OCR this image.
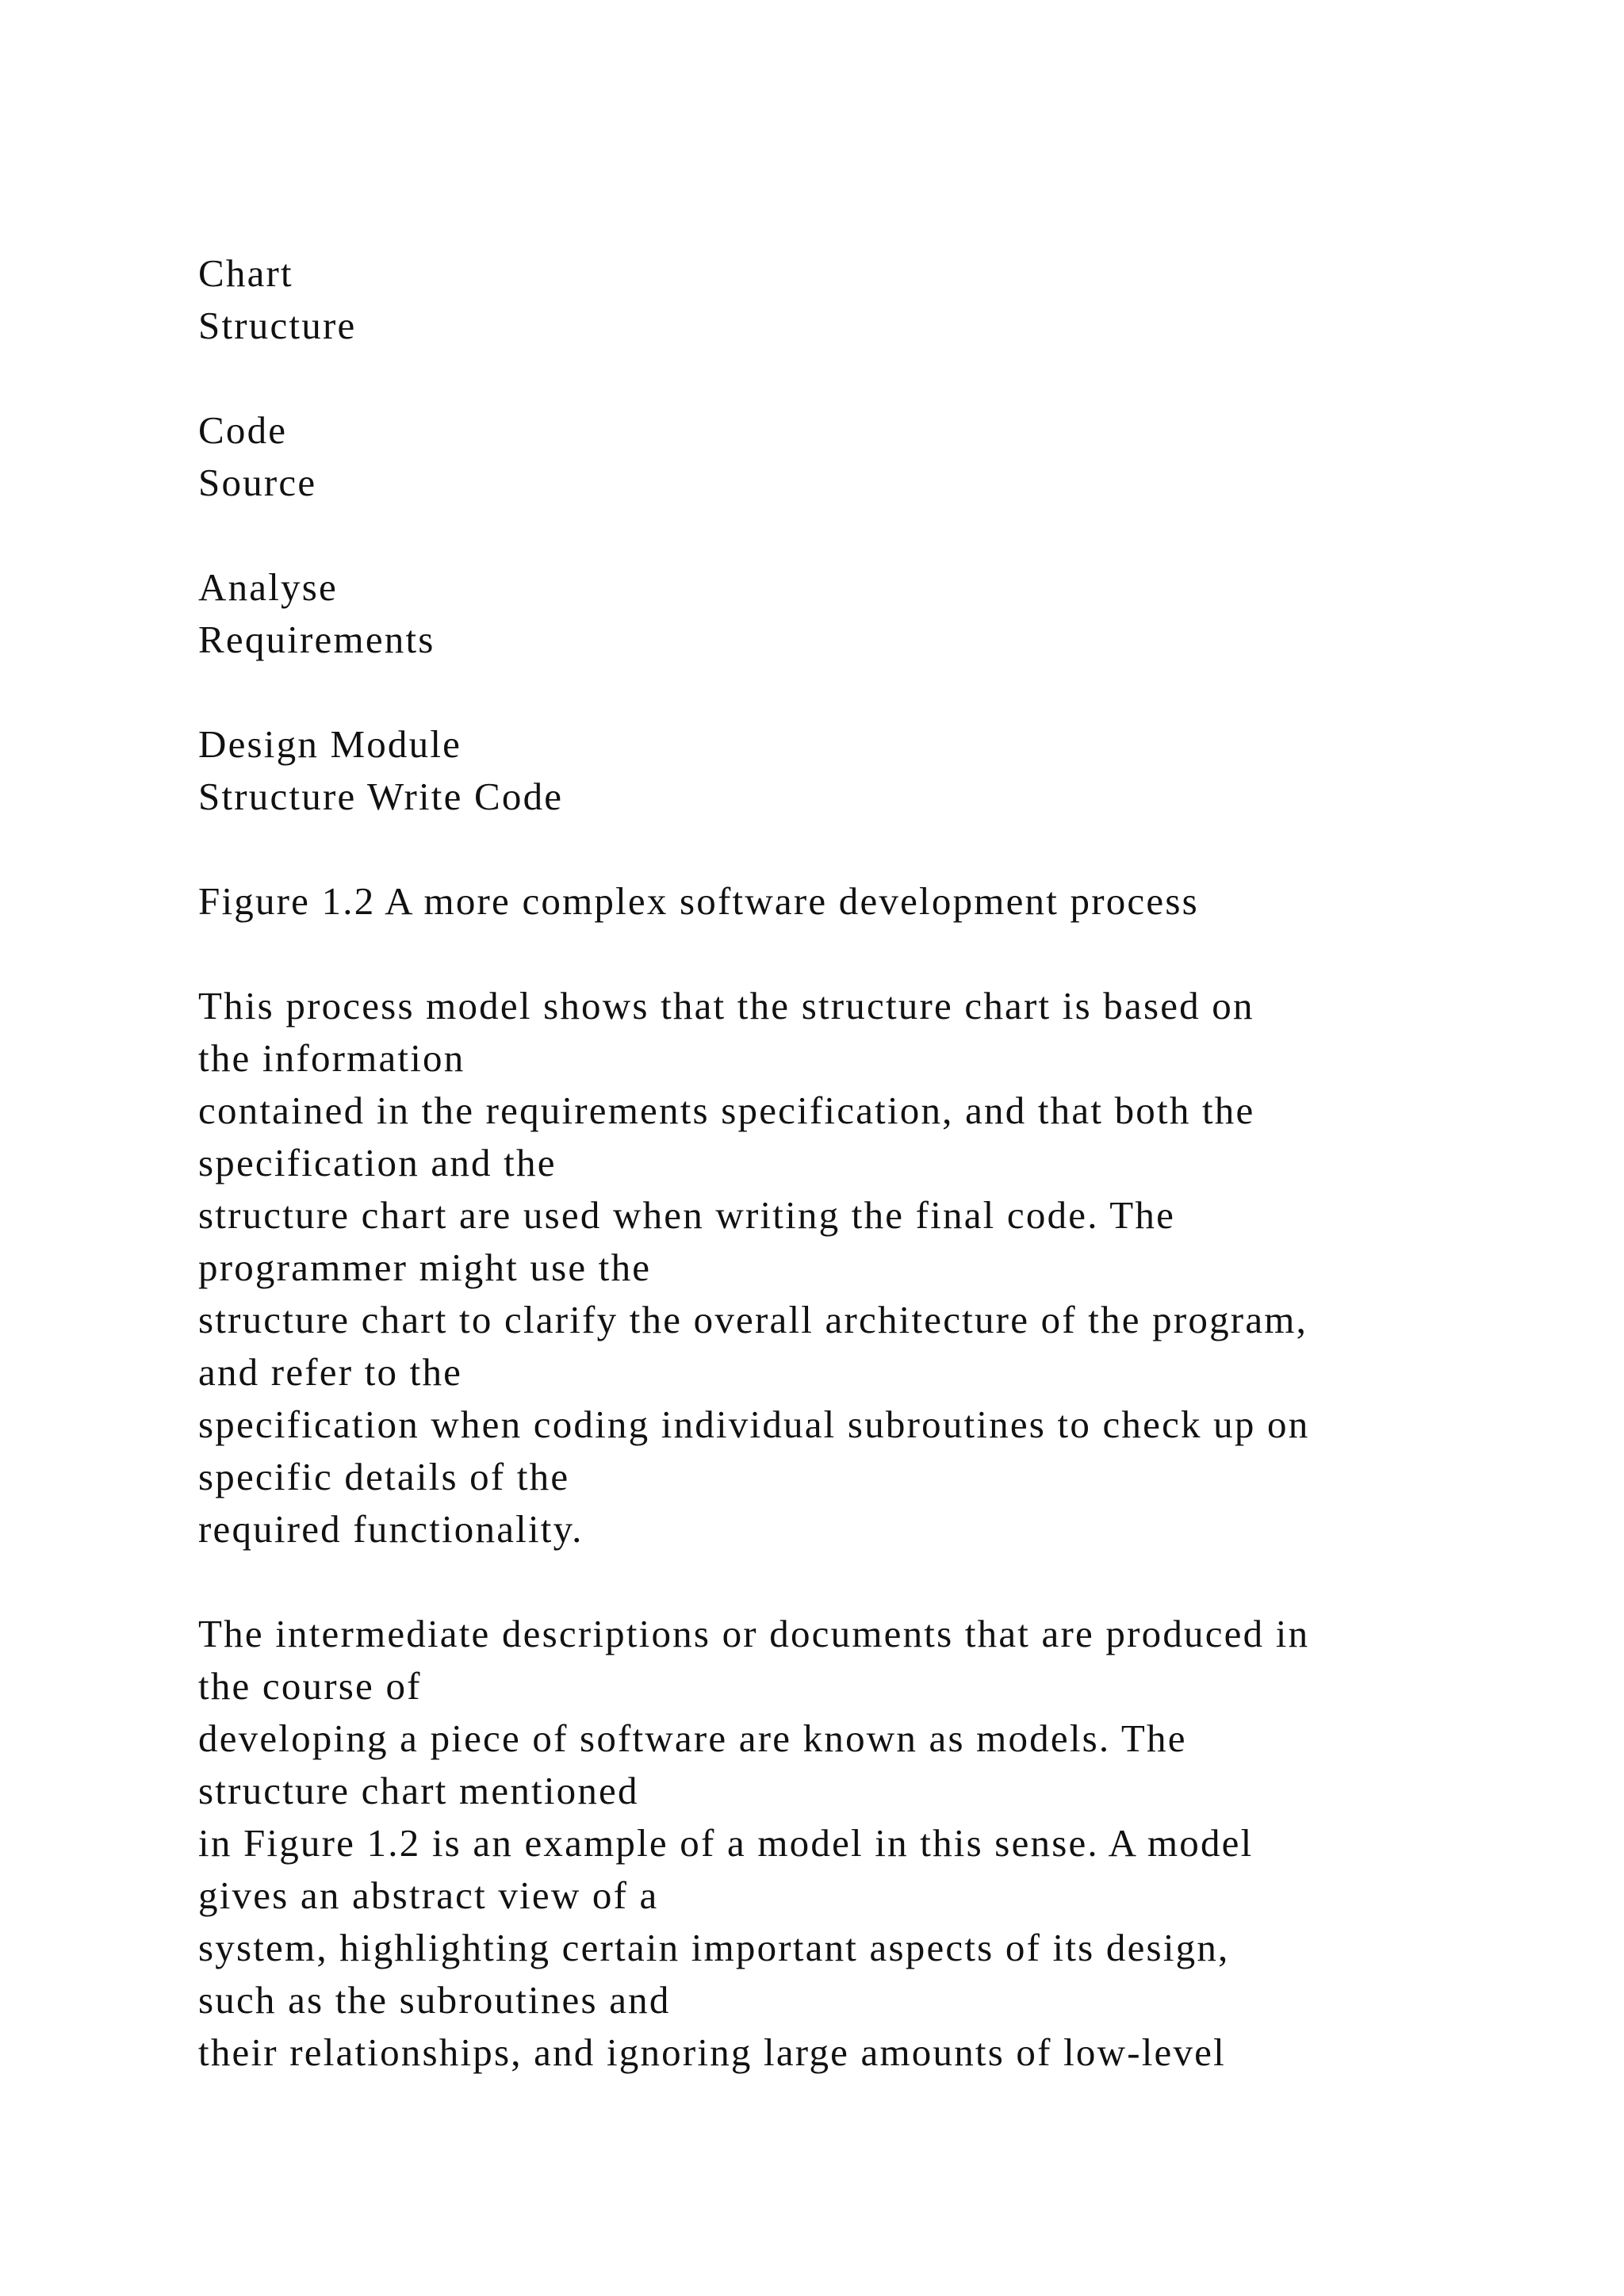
Chart
Structure
Code
Source
Analyse
Requirements
Design Module
Structure Write Code
Figure 1.2 A more complex software development process
This process model shows that the structure chart is based on
the information
contained in the requirements specification, and that both the
specification and the
structure chart are used when writing the final code. The
programmer might use the
structure chart to clarify the overall architecture of the program,
and refer to the
specification when coding individual subroutines to check up on
specific details of the
required functionality.
The intermediate descriptions or documents that are produced in
the course of
developing a piece of software are known as models. The
structure chart mentioned
in Figure 1.2 is an example of a model in this sense. A model
gives an abstract view of a
system, highlighting certain important aspects of its design,
such as the subroutines and
their relationships, and ignoring large amounts of low-level
